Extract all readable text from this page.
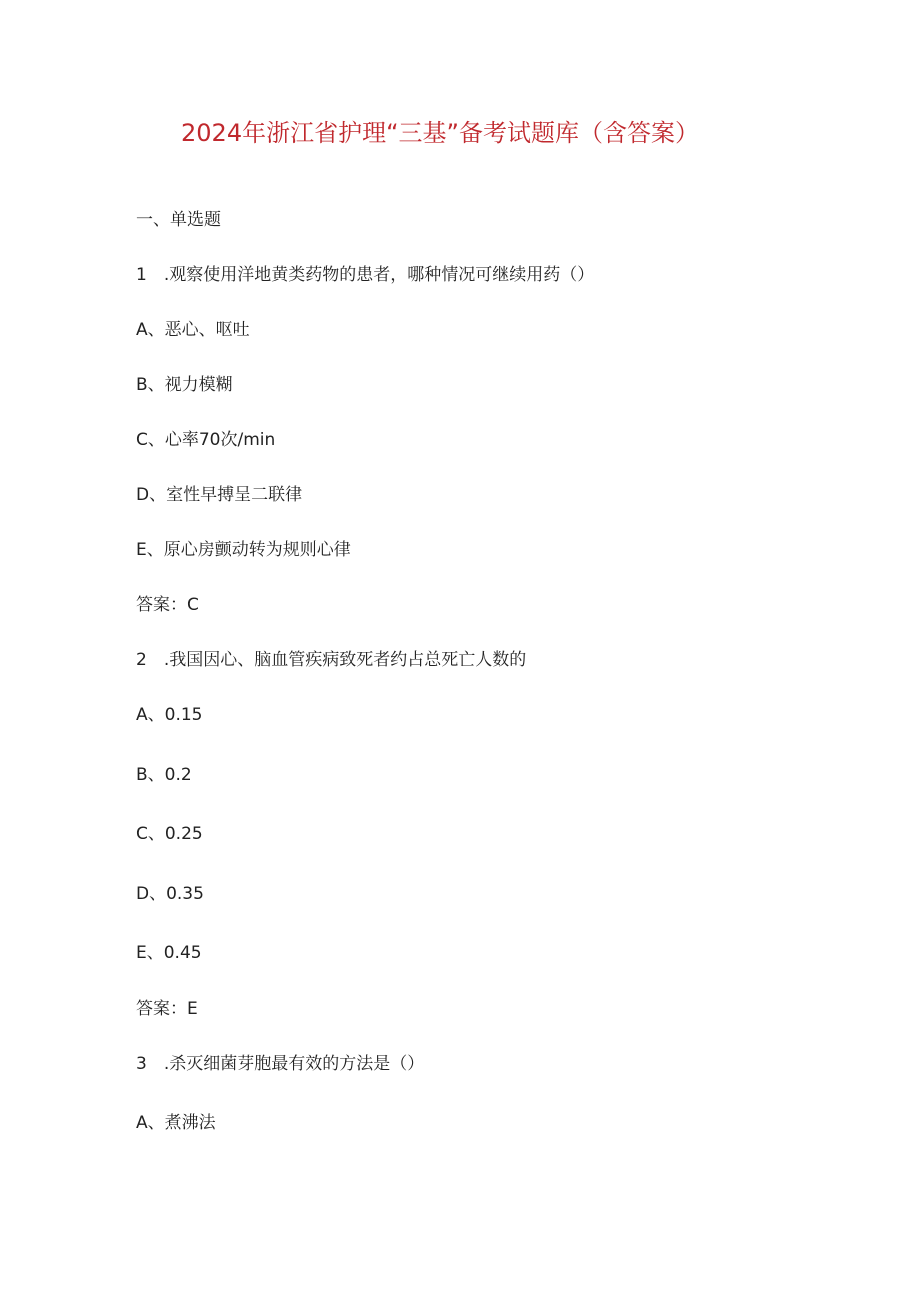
2024年浙江省护理“三基”备考试题库（含答案）
一、单选题
1　.观察使用洋地黄类药物的患者，哪种情况可继续用药（）
A、恶心、呕吐
B、视力模糊
C、心率70次/min
D、室性早搏呈二联律
E、原心房颤动转为规则心律
答案：C
2　.我国因心、脑血管疾病致死者约占总死亡人数的
A、0.15
B、0.2
C、0.25
D、0.35
E、0.45
答案：E
3　.杀灭细菌芽胞最有效的方法是（）
A、煮沸法
